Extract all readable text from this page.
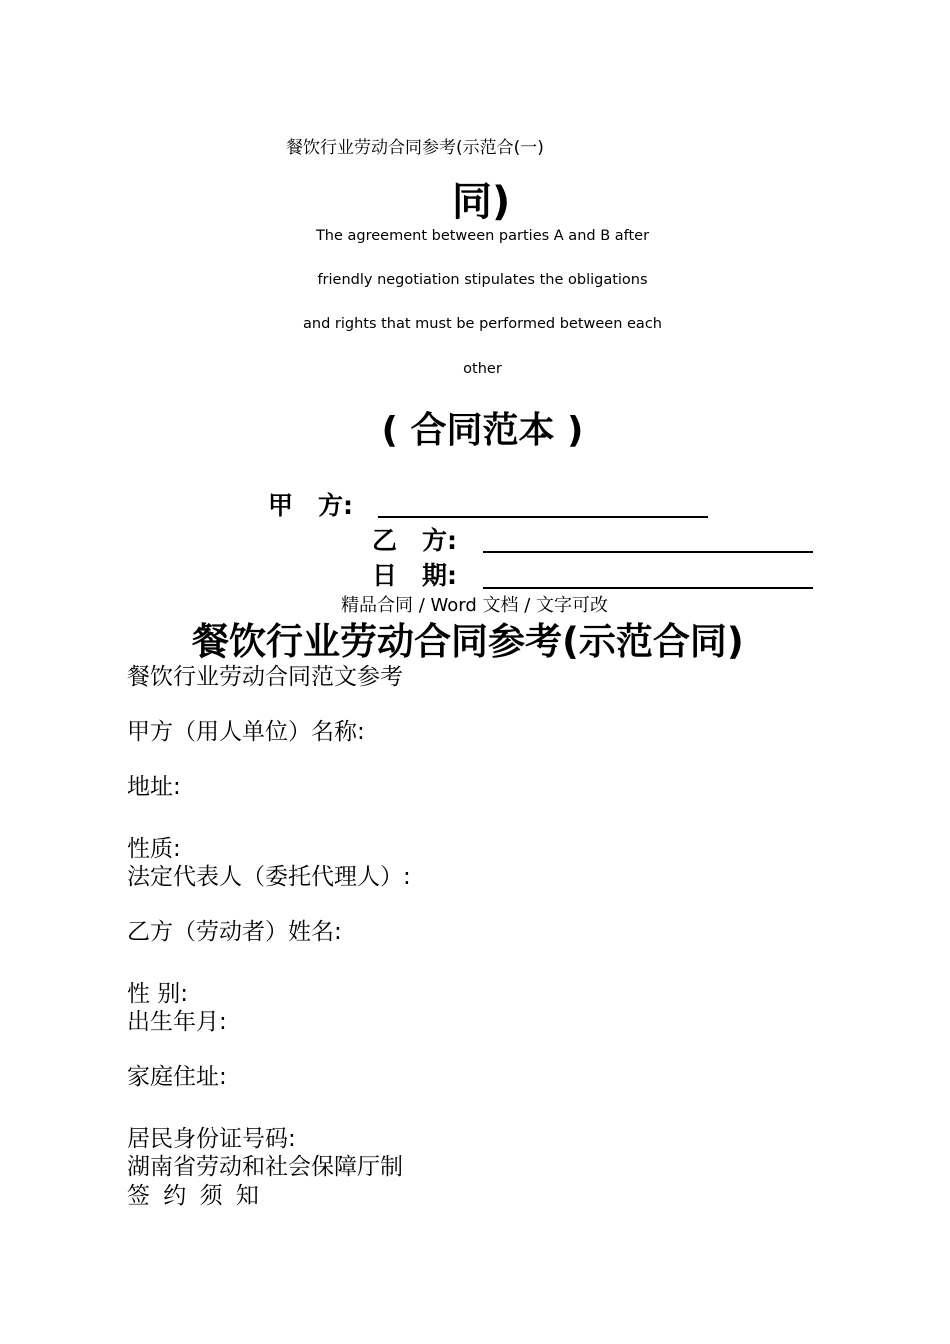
餐饮行业劳动合同参考(示范合(一)
同)
The agreement between parties A and B after
friendly negotiation stipulates the obligations
and rights that must be performed between each
other
( 合同范本 )
甲　方:
乙　方:
日　期:
精品合同 / Word 文档 / 文字可改
餐饮行业劳动合同参考(示范合同)
餐饮行业劳动合同范文参考
甲方（用人单位）名称:
地址:
性质:
法定代表人（委托代理人）:
乙方（劳动者）姓名:
性 别:
出生年月:
家庭住址:
居民身份证号码:
湖南省劳动和社会保障厅制
签 约 须 知
